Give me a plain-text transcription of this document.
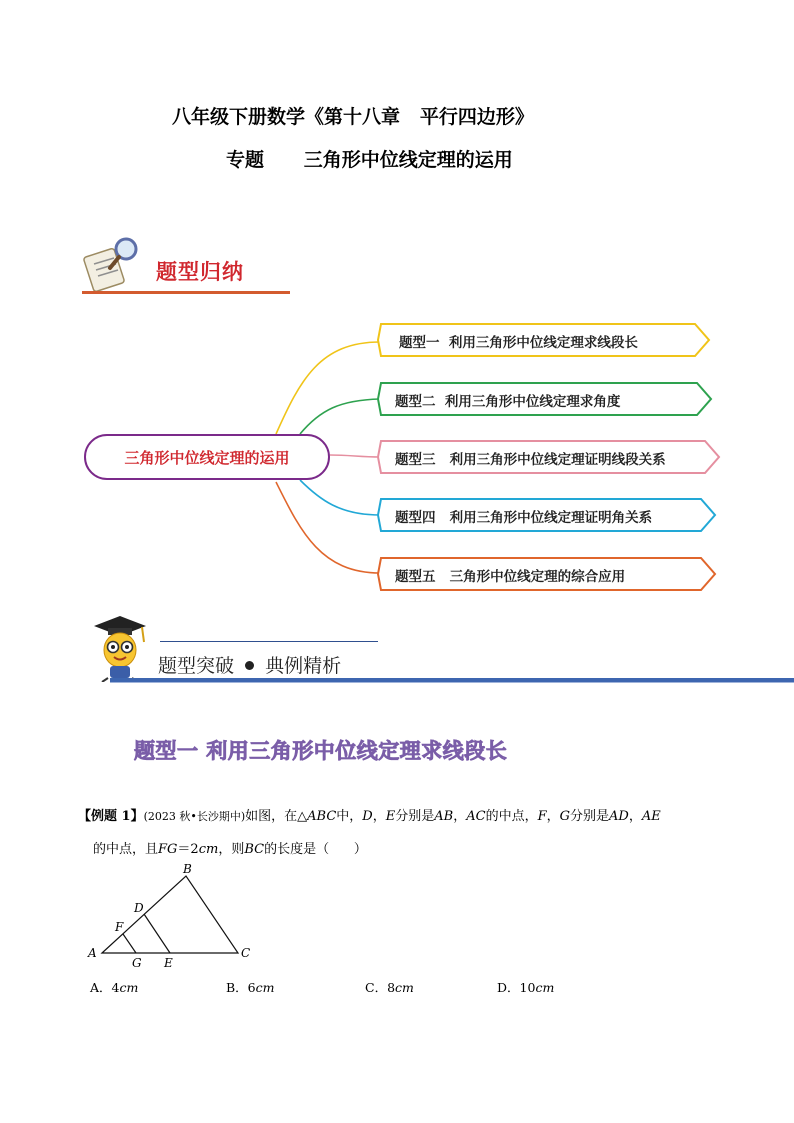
八年级下册数学《第十八章   平行四边形》
专题      三角形中位线定理的运用
题型归纳
三角形中位线定理的运用
题型一  利用三角形中位线定理求线段长
题型二  利用三角形中位线定理求角度
题型三   利用三角形中位线定理证明线段关系
题型四   利用三角形中位线定理证明角关系
题型五   三角形中位线定理的综合应用
题型突破 典例精析
题型一 利用三角形中位线定理求线段长
【例题 1】(2023 秋•长沙期中)如图，在△ABC中，D，E分别是AB，AC的中点，F，G分别是AD，AE
的中点，且FG＝2cm，则BC的长度是（      ）
B
A	C
D
F
G E
A．4cm	B．6cm	C．8cm	D．10cm
